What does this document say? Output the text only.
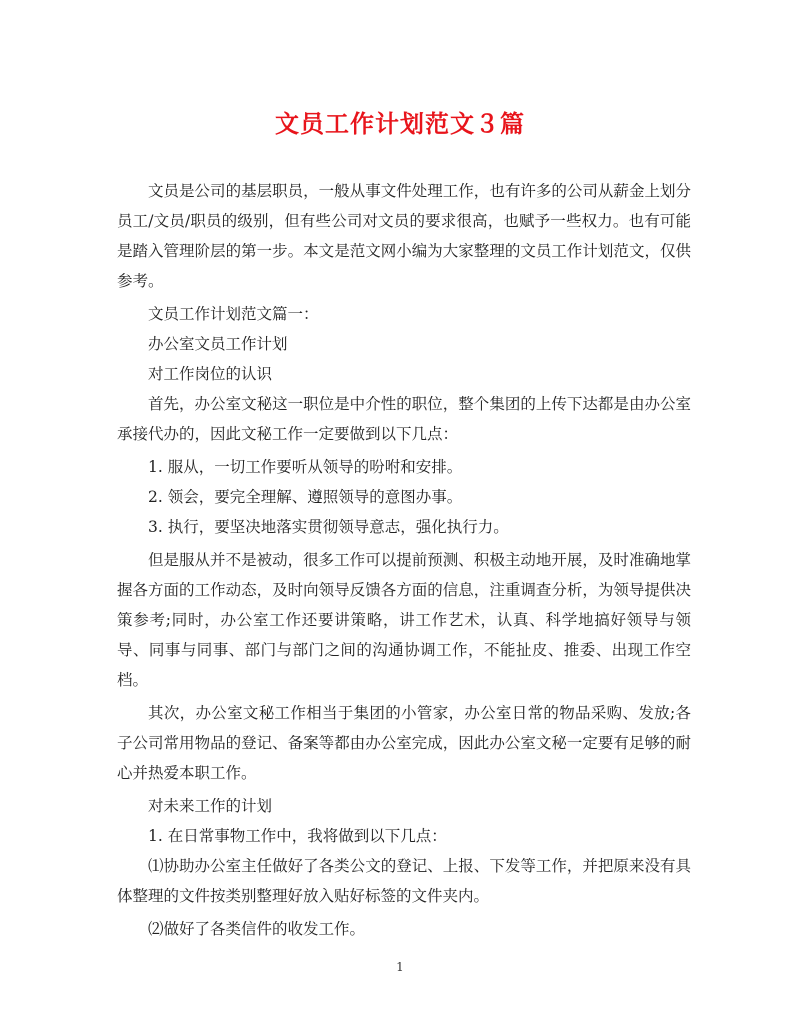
文员工作计划范文３篇

文员是公司的基层职员，一般从事文件处理工作，也有许多的公司从薪金上划分员工/文员/职员的级别，但有些公司对文员的要求很高，也赋予一些权力。也有可能是踏入管理阶层的第一步。本文是范文网小编为大家整理的文员工作计划范文，仅供参考。

文员工作计划范文篇一：

办公室文员工作计划

对工作岗位的认识

首先，办公室文秘这一职位是中介性的职位，整个集团的上传下达都是由办公室承接代办的，因此文秘工作一定要做到以下几点：

1. 服从，一切工作要听从领导的吩咐和安排。

2. 领会，要完全理解、遵照领导的意图办事。

3. 执行，要坚决地落实贯彻领导意志，强化执行力。

但是服从并不是被动，很多工作可以提前预测、积极主动地开展，及时准确地掌握各方面的工作动态，及时向领导反馈各方面的信息，注重调查分析，为领导提供决策参考;同时，办公室工作还要讲策略，讲工作艺术，认真、科学地搞好领导与领导、同事与同事、部门与部门之间的沟通协调工作，不能扯皮、推委、出现工作空档。

其次，办公室文秘工作相当于集团的小管家，办公室日常的物品采购、发放;各子公司常用物品的登记、备案等都由办公室完成，因此办公室文秘一定要有足够的耐心并热爱本职工作。

对未来工作的计划

1. 在日常事物工作中，我将做到以下几点：

⑴协助办公室主任做好了各类公文的登记、上报、下发等工作，并把原来没有具体整理的文件按类别整理好放入贴好标签的文件夹内。

⑵做好了各类信件的收发工作。

1
